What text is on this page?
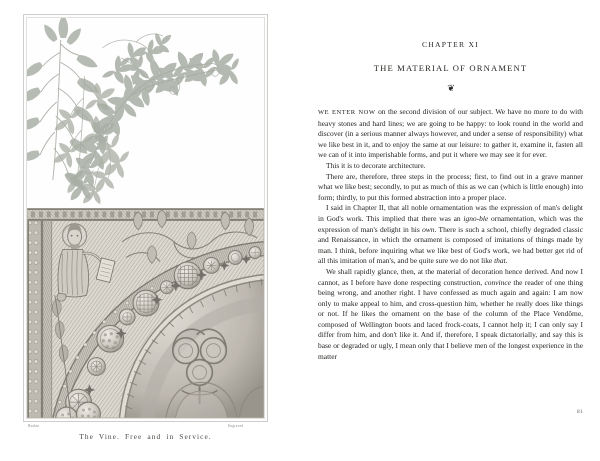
Ruskin	Engraved
The Vine. Free and in Service.
CHAPTER XI
THE MATERIAL OF ORNAMENT
❦

WE ENTER NOW on the second division of our subject. We have no more to do with heavy stones and hard lines; we are going to be happy: to look round in the world and discover (in a serious manner always however, and under a sense of responsibility) what we like best in it, and to enjoy the same at our leisure: to gather it, examine it, fasten all we can of it into imperishable forms, and put it where we may see it for ever.

This it is to decorate architecture.

There are, therefore, three steps in the process; first, to find out in a grave manner what we like best; secondly, to put as much of this as we can (which is little enough) into form; thirdly, to put this formed abstraction into a proper place.

I said in Chapter II, that all noble ornamentation was the expression of man's delight in God's work. This implied that there was an igno-ble ornamentation, which was the expression of man's delight in his own. There is such a school, chiefly degraded classic and Renaissance, in which the ornament is composed of imitations of things made by man. I think, before inquiring what we like best of God's work, we had better get rid of all this imitation of man's, and be quite sure we do not like that.

We shall rapidly glance, then, at the material of decoration hence derived. And now I cannot, as I before have done respecting construction, convince the reader of one thing being wrong, and another right. I have confessed as much again and again: I am now only to make appeal to him, and cross-question him, whether he really does like things or not. If he likes the ornament on the base of the column of the Place Vendôme, composed of Wellington boots and laced frock-coats, I cannot help it; I can only say I differ from him, and don't like it. And if, therefore, I speak dictatorially, and say this is base or degraded or ugly, I mean only that I believe men of the longest experience in the matter

81
